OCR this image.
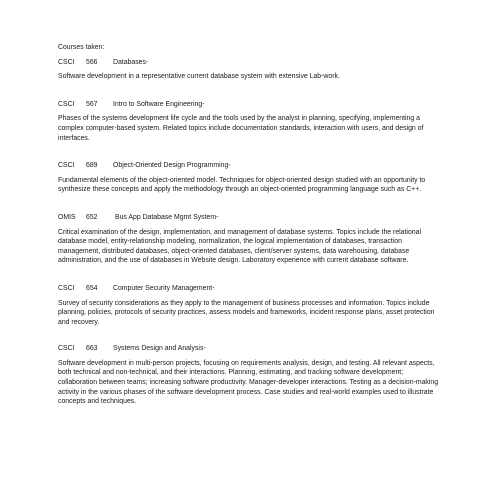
Courses taken:
CSCI 566 Databases-

Software development in a representative current database system with extensive Lab-work.

CSCI 567 Intro to Software Engineering-

Phases of the systems development life cycle and the tools used by the analyst in planning, specifying, implementing a complex computer-based system. Related topics include documentation standards, interaction with users, and design of interfaces.

CSCI 689 Object-Oriented Design Programming-

Fundamental elements of the object-oriented model. Techniques for object-oriented design studied with an opportunity to synthesize these concepts and apply the methodology through an object-oriented programming language such as C++.

OMIS 652	Bus App Database Mgmt System-

Critical examination of the design, implementation, and management of database systems. Topics include the relational database model, entity-relationship modeling, normalization, the logical implementation of databases, transaction management, distributed databases, object-oriented databases, client/server systems, data warehousing, database administration, and the use of databases in Website design. Laboratory experience with current database software.

CSCI 654 Computer Security Management-

Survey of security considerations as they apply to the management of business processes and information. Topics include planning, policies, protocols of security practices, assess models and frameworks, incident response plans, asset protection and recovery.

CSCI 663 Systems Design and Analysis-

Software development in multi-person projects, focusing on requirements analysis, design, and testing. All relevant aspects, both technical and non-technical, and their interactions. Planning, estimating, and tracking software development; collaboration between teams; increasing software productivity. Manager-developer interactions. Testing as a decision-making activity in the various phases of the software development process. Case studies and real-world examples used to illustrate concepts and techniques.
